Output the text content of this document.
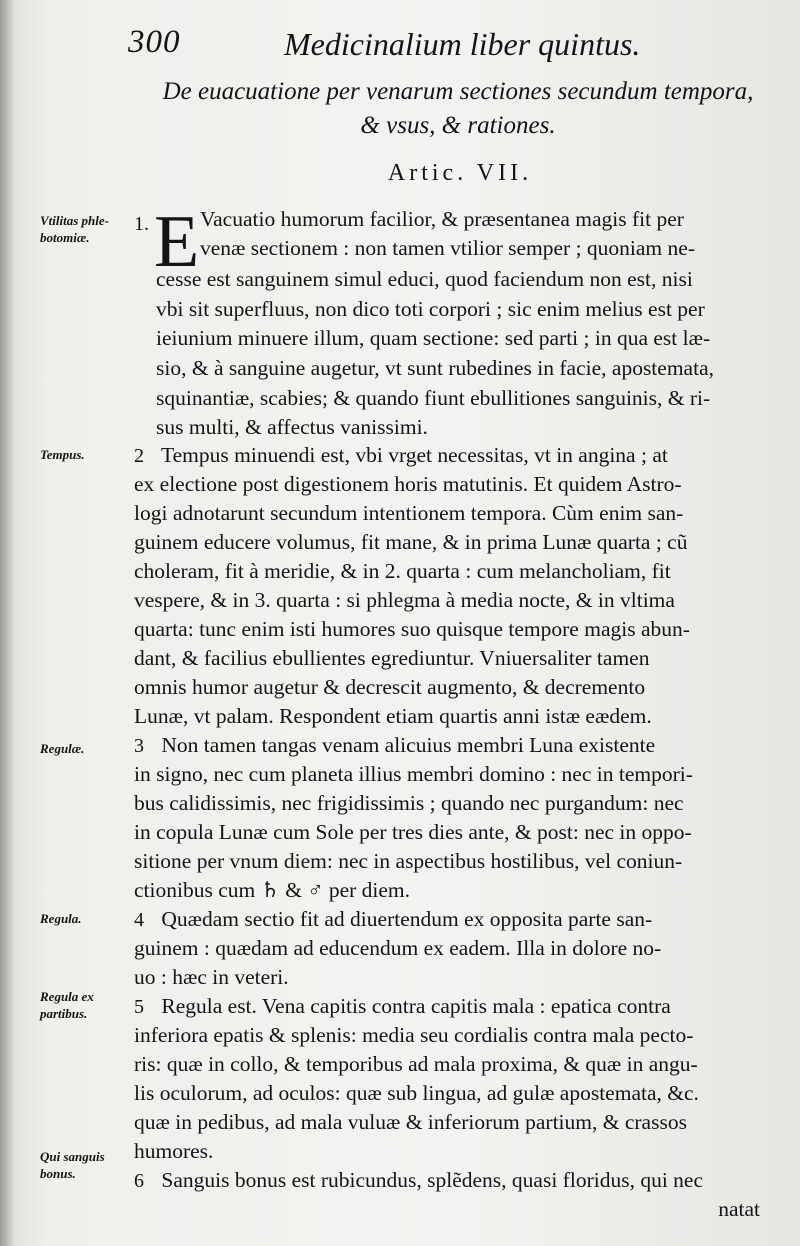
300	Medicinalium liber quintus.
De euacuatione per venarum sectiones secundum tempora,
& vsus, & rationes.
Artic. VII.
Vtilitas phle- botomiæ.
Tempus.
Regulæ.
Regula.
Regula ex partibus.
Qui sanguis bonus.
1. E Vacuatio humorum facilior, & præsentanea magis fit per
venæ sectionem : non tamen vtilior semper ; quoniam ne-
cesse est sanguinem simul educi, quod faciendum non est, nisi
vbi sit superfluus, non dico toti corpori ; sic enim melius est per
ieiunium minuere illum, quam sectione: sed parti ; in qua est læ-
sio, & à sanguine augetur, vt sunt rubedines in facie, apostemata,
squinantiæ, scabies; & quando fiunt ebullitiones sanguinis, & ri-
sus multi, & affectus vanissimi.
2 Tempus minuendi est, vbi vrget necessitas, vt in angina ; at
ex electione post digestionem horis matutinis. Et quidem Astro-
logi adnotarunt secundum intentionem tempora. Cùm enim san-
guinem educere volumus, fit mane, & in prima Lunæ quarta ; cũ
choleram, fit à meridie, & in 2. quarta : cum melancholiam, fit
vespere, & in 3. quarta : si phlegma à media nocte, & in vltima
quarta: tunc enim isti humores suo quisque tempore magis abun-
dant, & facilius ebullientes egrediuntur. Vniuersaliter tamen
omnis humor augetur & decrescit augmento, & decremento
Lunæ, vt palam. Respondent etiam quartis anni istæ eædem.
3 Non tamen tangas venam alicuius membri Luna existente
in signo, nec cum planeta illius membri domino : nec in tempori-
bus calidissimis, nec frigidissimis ; quando nec purgandum: nec
in copula Lunæ cum Sole per tres dies ante, & post: nec in oppo-
sitione per vnum diem: nec in aspectibus hostilibus, vel coniun-
ctionibus cum ♄ & ♂ per diem.
4 Quædam sectio fit ad diuertendum ex opposita parte san-
guinem : quædam ad educendum ex eadem. Illa in dolore no-
uo : hæc in veteri.
5 Regula est. Vena capitis contra capitis mala : epatica contra
inferiora epatis & splenis: media seu cordialis contra mala pecto-
ris: quæ in collo, & temporibus ad mala proxima, & quæ in angu-
lis oculorum, ad oculos: quæ sub lingua, ad gulæ apostemata, &c.
quæ in pedibus, ad mala vuluæ & inferiorum partium, & crassos
humores.
6 Sanguis bonus est rubicundus, splẽdens, quasi floridus, qui nec
natat
